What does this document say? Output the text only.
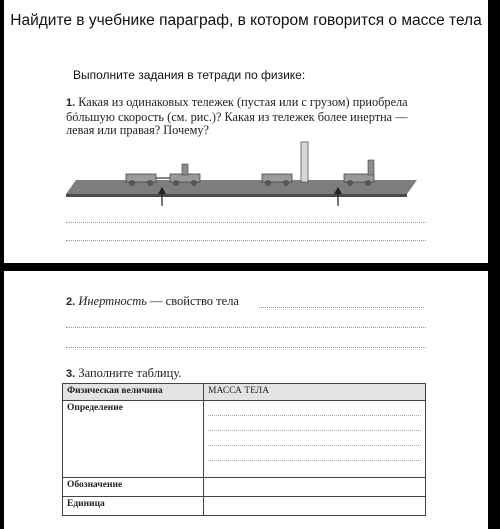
Найдите в учебнике параграф, в котором говорится о массе тела
Выполните задания в тетради по физике:
1. Какая из одинаковых тележек (пустая или с грузом) приобрела бóльшую скорость (см. рис.)? Какая из тележек более инертна — левая или правая? Почему?
2. Инертность — свойство тела
3. Заполните таблицу.
Физическая величина	МАССА ТЕЛА
Определение	

Обозначение	
Единица	
